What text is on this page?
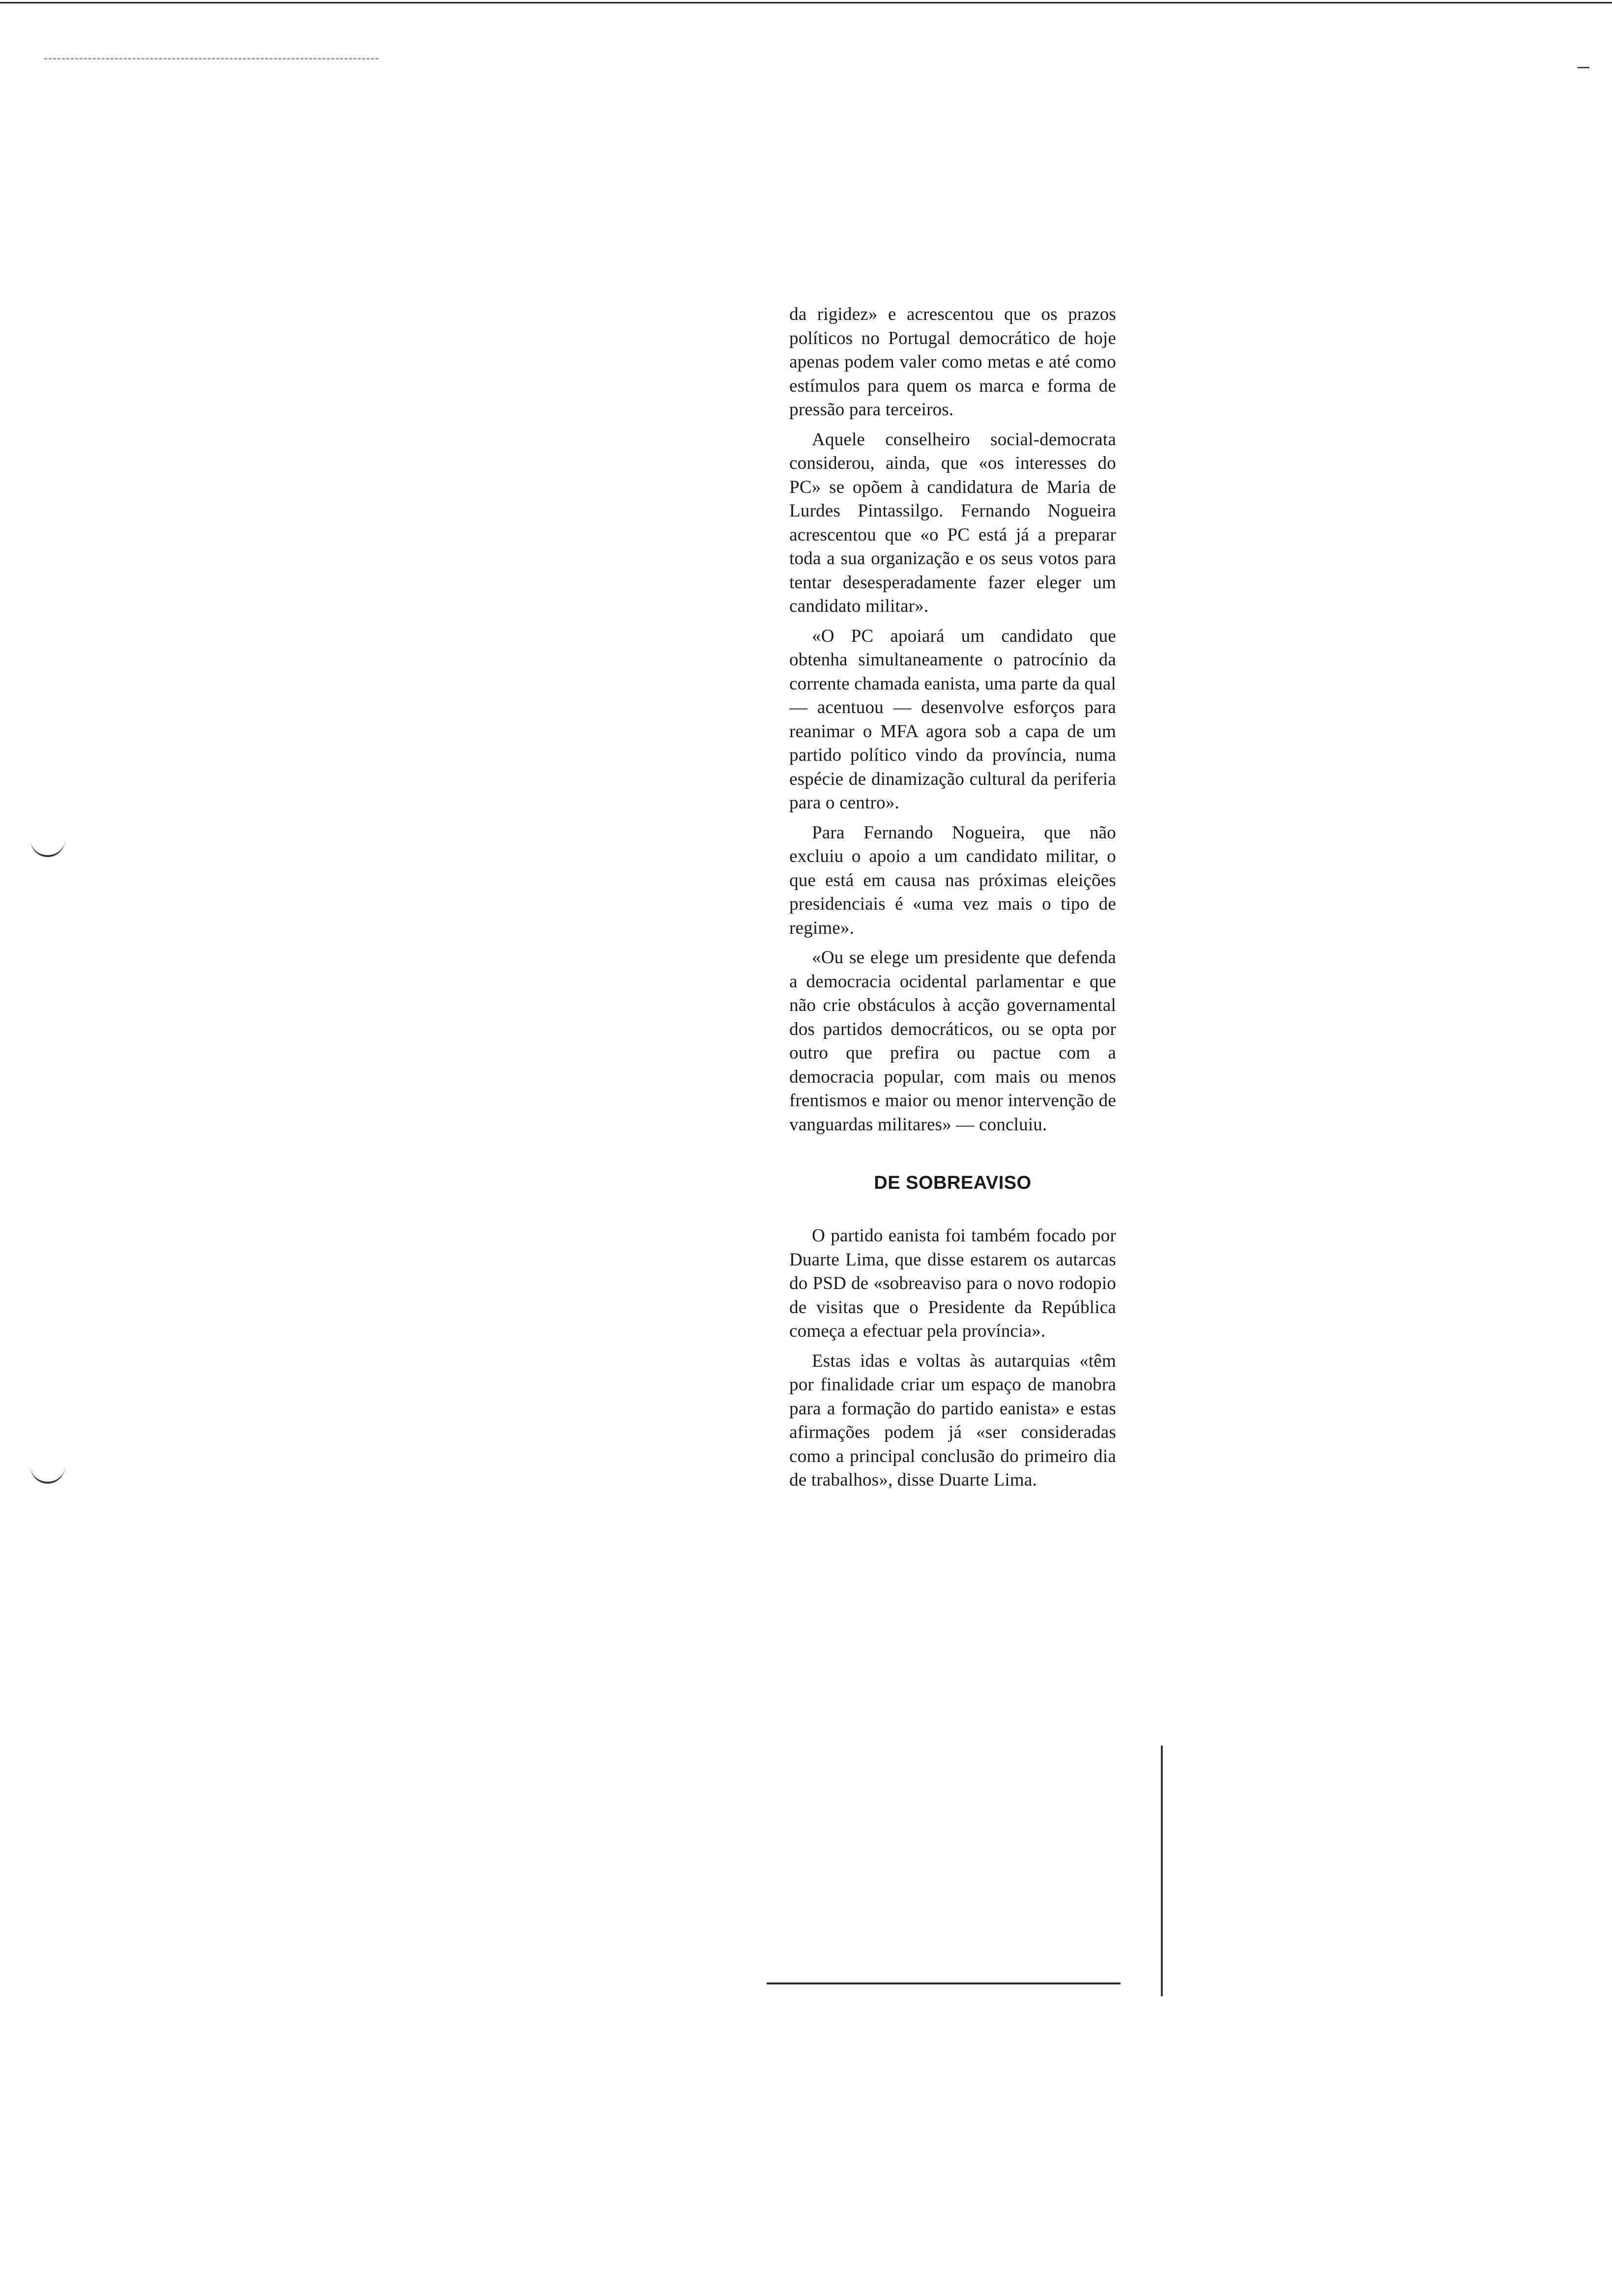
da rigidez» e acrescentou que os prazos políticos no Portugal democrático de hoje apenas podem valer como metas e até como estímulos para quem os marca e forma de pressão para terceiros.

Aquele conselheiro social-democrata considerou, ainda, que «os interesses do PC» se opõem à candidatura de Maria de Lurdes Pintassilgo. Fernando Nogueira acrescentou que «o PC está já a preparar toda a sua organização e os seus votos para tentar desesperadamente fazer eleger um candidato militar».

«O PC apoiará um candidato que obtenha simultaneamente o patrocínio da corrente chamada eanista, uma parte da qual — acentuou — desenvolve esforços para reanimar o MFA agora sob a capa de um partido político vindo da província, numa espécie de dinamização cultural da periferia para o centro».

Para Fernando Nogueira, que não excluiu o apoio a um candidato militar, o que está em causa nas próximas eleições presidenciais é «uma vez mais o tipo de regime».

«Ou se elege um presidente que defenda a democracia ocidental parlamentar e que não crie obstáculos à acção governamental dos partidos democráticos, ou se opta por outro que prefira ou pactue com a democracia popular, com mais ou menos frentismos e maior ou menor intervenção de vanguardas militares» — concluiu.

DE SOBREAVISO

O partido eanista foi também focado por Duarte Lima, que disse estarem os autarcas do PSD de «sobreaviso para o novo rodopio de visitas que o Presidente da República começa a efectuar pela província».

Estas idas e voltas às autarquias «têm por finalidade criar um espaço de manobra para a formação do partido eanista» e estas afirmações podem já «ser consideradas como a principal conclusão do primeiro dia de trabalhos», disse Duarte Lima.
